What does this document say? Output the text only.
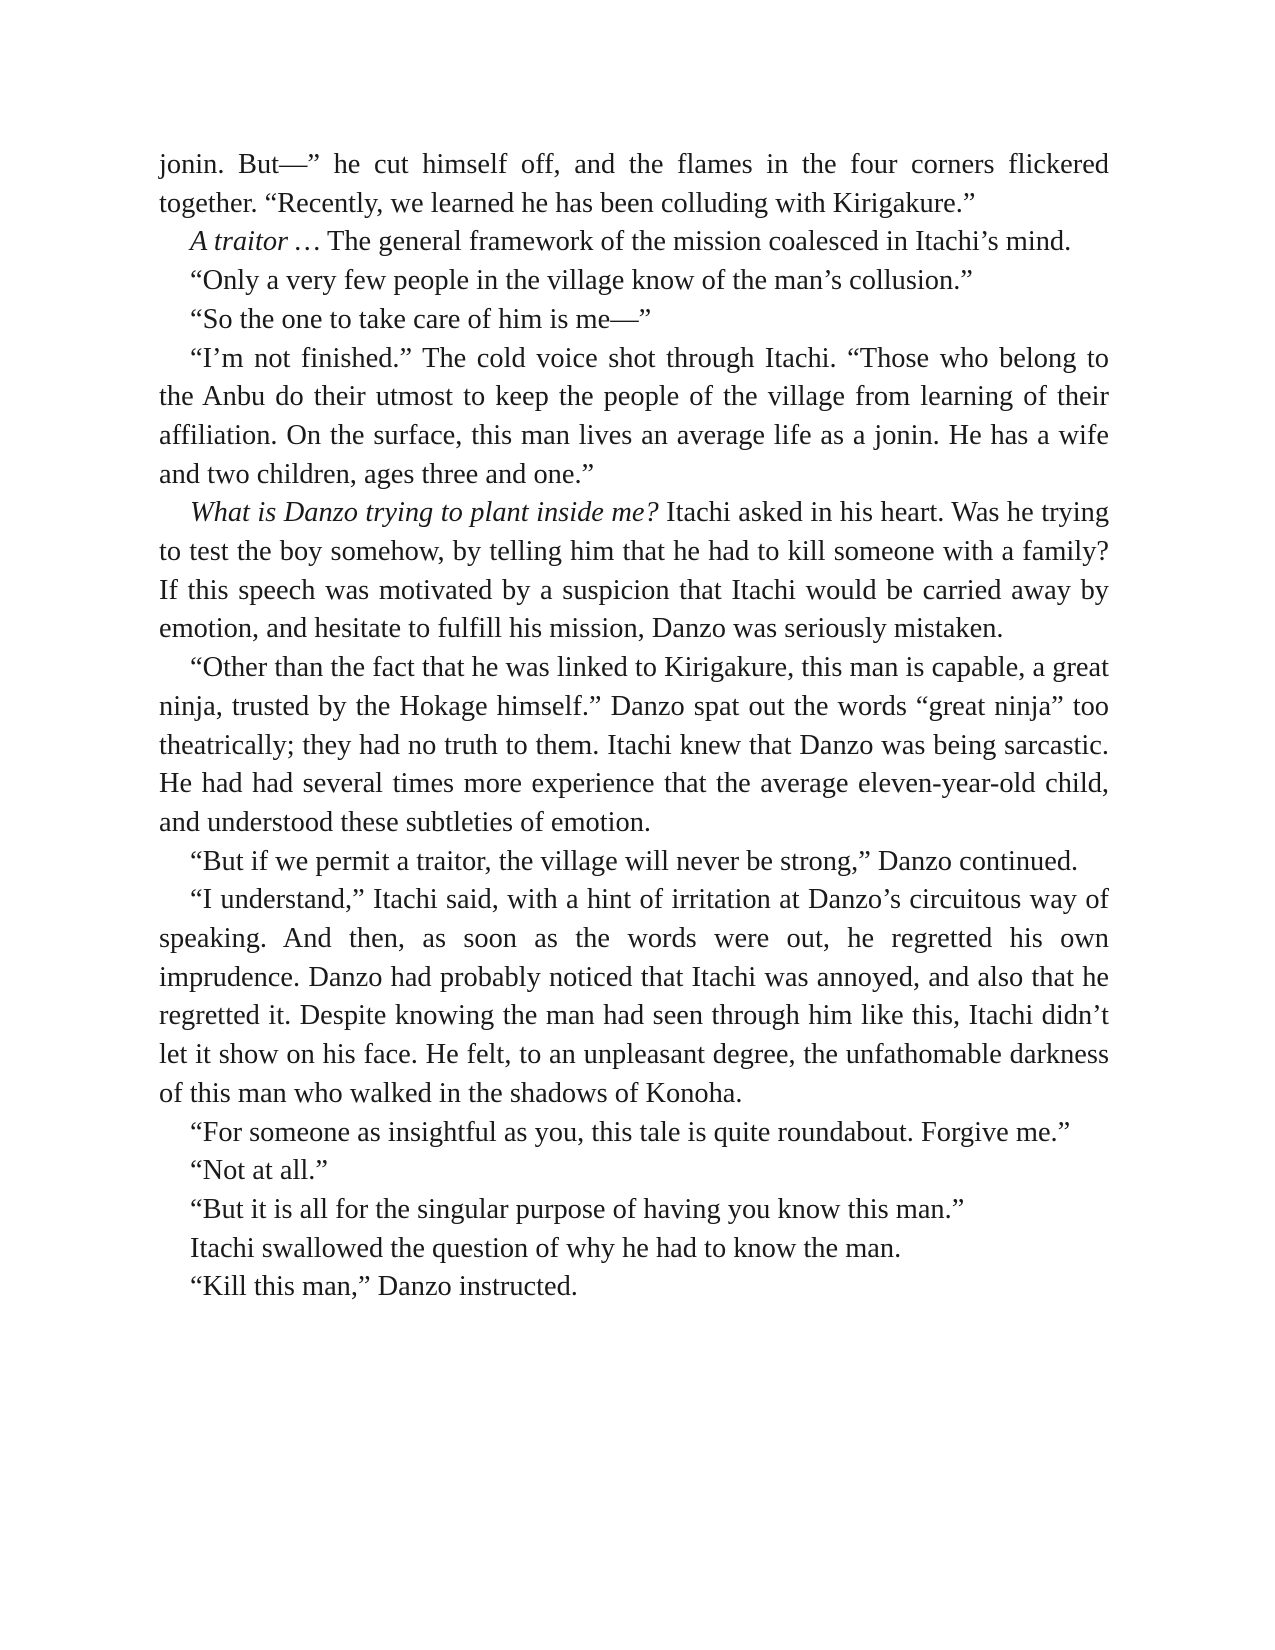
jonin. But—” he cut himself off, and the flames in the four corners flickered together. “Recently, we learned he has been colluding with Kirigakure.”

A traitor … The general framework of the mission coalesced in Itachi’s mind.

“Only a very few people in the village know of the man’s collusion.”

“So the one to take care of him is me—”

“I’m not finished.” The cold voice shot through Itachi. “Those who belong to the Anbu do their utmost to keep the people of the village from learning of their affiliation. On the surface, this man lives an average life as a jonin. He has a wife and two children, ages three and one.”

What is Danzo trying to plant inside me? Itachi asked in his heart. Was he trying to test the boy somehow, by telling him that he had to kill someone with a family? If this speech was motivated by a suspicion that Itachi would be carried away by emotion, and hesitate to fulfill his mission, Danzo was seriously mistaken.

“Other than the fact that he was linked to Kirigakure, this man is capable, a great ninja, trusted by the Hokage himself.” Danzo spat out the words “great ninja” too theatrically; they had no truth to them. Itachi knew that Danzo was being sarcastic. He had had several times more experience that the average eleven-year-old child, and understood these subtleties of emotion.

“But if we permit a traitor, the village will never be strong,” Danzo continued.

“I understand,” Itachi said, with a hint of irritation at Danzo’s circuitous way of speaking. And then, as soon as the words were out, he regretted his own imprudence. Danzo had probably noticed that Itachi was annoyed, and also that he regretted it. Despite knowing the man had seen through him like this, Itachi didn’t let it show on his face. He felt, to an unpleasant degree, the unfathomable darkness of this man who walked in the shadows of Konoha.

“For someone as insightful as you, this tale is quite roundabout. Forgive me.”

“Not at all.”

“But it is all for the singular purpose of having you know this man.”

Itachi swallowed the question of why he had to know the man.

“Kill this man,” Danzo instructed.
